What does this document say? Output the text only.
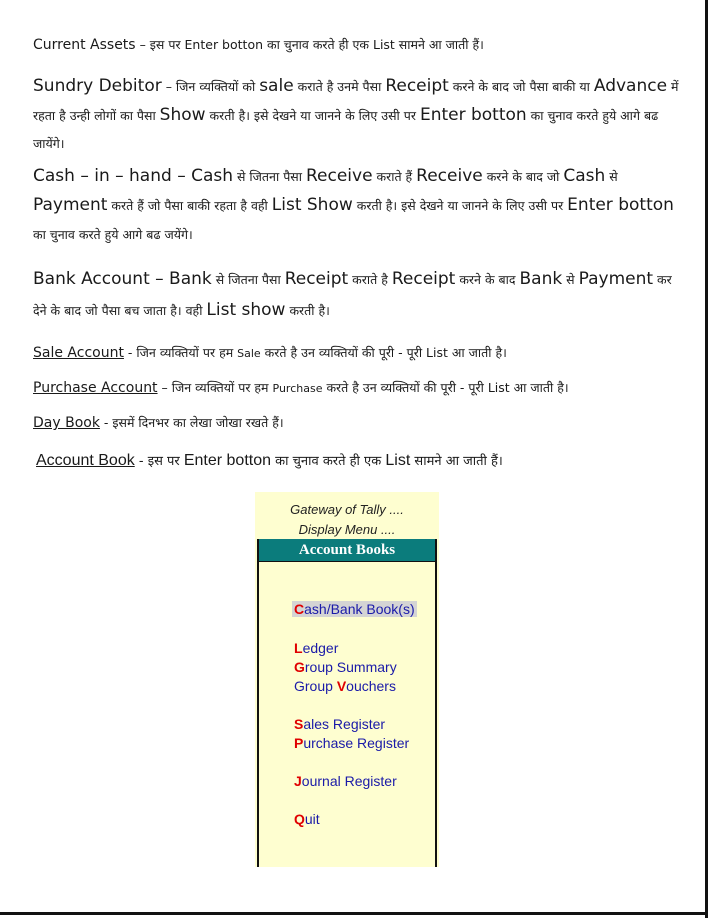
Current Assets – इस पर Enter botton का चुनाव करते ही एक List सामने आ जाती हैं।

Sundry Debitor – जिन व्यक्तियों को sale कराते है उनमे पैसा Receipt करने के बाद जो पैसा बाकी या Advance में रहता है उन्ही लोगों का पैसा Show करती है। इसे देखने या जानने के लिए उसी पर Enter botton का चुनाव करते हुये आगे बढ जायेंगे।

Cash – in – hand – Cash से जितना पैसा Receive कराते हैं Receive करने के बाद जो Cash से Payment करते हैं जो पैसा बाकी रहता है वही List Show करती है। इसे देखने या जानने के लिए उसी पर Enter botton का चुनाव करते हुये आगे बढ जयेंगे।

Bank Account – Bank से जितना पैसा Receipt कराते है Receipt करने के बाद Bank से Payment कर देने के बाद जो पैसा बच जाता है। वही List show करती है।

Sale Account - जिन व्यक्तियों पर हम Sale करते है उन व्यक्तियों की पूरी - पूरी List आ जाती है।

Purchase Account – जिन व्यक्तियों पर हम Purchase करते है उन व्यक्तियों की पूरी - पूरी List आ जाती है।

Day Book - इसमें दिनभर का लेखा जोखा रखते हैं।

Account Book - इस पर Enter botton का चुनाव करते ही एक List सामने आ जाती हैं।

Gateway of Tally ....
Display Menu ....
Account Books
Cash/Bank Book(s)
Ledger
Group Summary
Group Vouchers
Sales Register
Purchase Register
Journal Register
Quit
